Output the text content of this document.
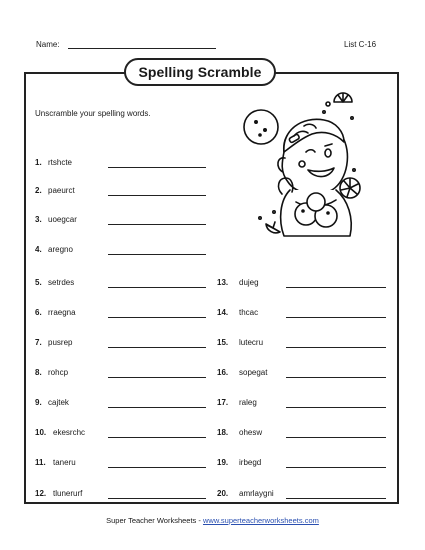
Name:	List C-16
Spelling Scramble
Unscramble your spelling words.
1. rtshcte
2. paeurct
3. uoegcar
4. aregno
5. setrdes
6. rraegna
7. pusrep
8. rohcp
9. cajtek
10. ekesrchc
11. taneru
12. tlunerurf
13. dujeg
14. thcac
15. lutecru
16. sopegat
17. raleg
18. ohesw
19. irbegd
20. amrlaygni
Super Teacher Worksheets - www.superteacherworksheets.com
